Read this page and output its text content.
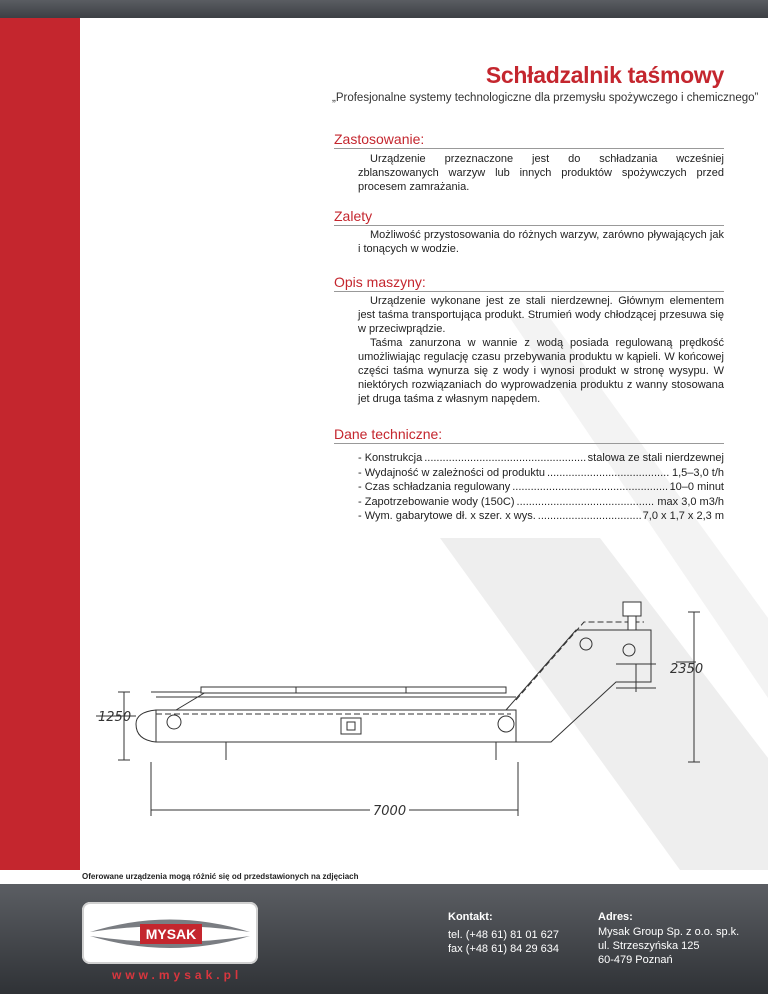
Schładzalnik taśmowy
„Profesjonalne systemy technologiczne dla przemysłu spożywczego i chemicznego”
Zastosowanie:

Urządzenie przeznaczone jest do schładzania wcześniej zblanszowanych warzyw lub innych produktów spożywczych przed procesem zamrażania.

Zalety

Możliwość przystosowania do różnych warzyw, zarówno pływających jak i tonących w wodzie.

Opis maszyny:

Urządzenie wykonane jest ze stali nierdzewnej. Głównym elementem jest taśma transportująca produkt. Strumień wody chłodzącej przesuwa się w przeciwprądzie.

Taśma zanurzona w wannie z wodą posiada regulowaną prędkość umożliwiając regulację czasu przebywania produktu w kąpieli. W końcowej części taśma wynurza się z wody i wynosi produkt w stronę wysypu. W niektórych rozwiązaniach do wyprowadzenia produktu z wanny stosowana jet druga taśma z własnym napędem.

Dane techniczne:
- Konstrukcja .....	stalowa ze stali nierdzewnej
- Wydajność w zależności od produktu .....	1,5–3,0 t/h
- Czas schładzania regulowany .....	10–0 minut
- Zapotrzebowanie wody (150C) .....	max 3,0 m3/h
- Wym. gabarytowe dł. x szer. x wys. .....	7,0 x 1,7 x 2,3 m
2350
1250
7000
Oferowane urządzenia mogą różnić się od przedstawionych na zdjęciach
MYSAK
www.mysak.pl
Kontakt:
tel. (+48 61) 81 01 627
fax (+48 61) 84 29 634
Adres:
Mysak Group Sp. z o.o. sp.k.
ul. Strzeszyńska 125
60-479 Poznań
